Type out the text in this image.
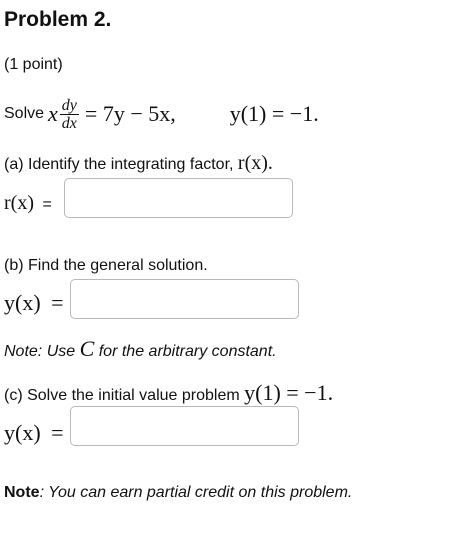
Problem 2.
(1 point)
Solve x $\frac{dy}{dx} = 7y - 5x$, y(1) = −1.
(a) Identify the integrating factor, r(x).
r(x) =
(b) Find the general solution.
y(x) =
Note: Use C for the arbitrary constant.
(c) Solve the initial value problem y(1) = −1.
y(x) =
Note: You can earn partial credit on this problem.
